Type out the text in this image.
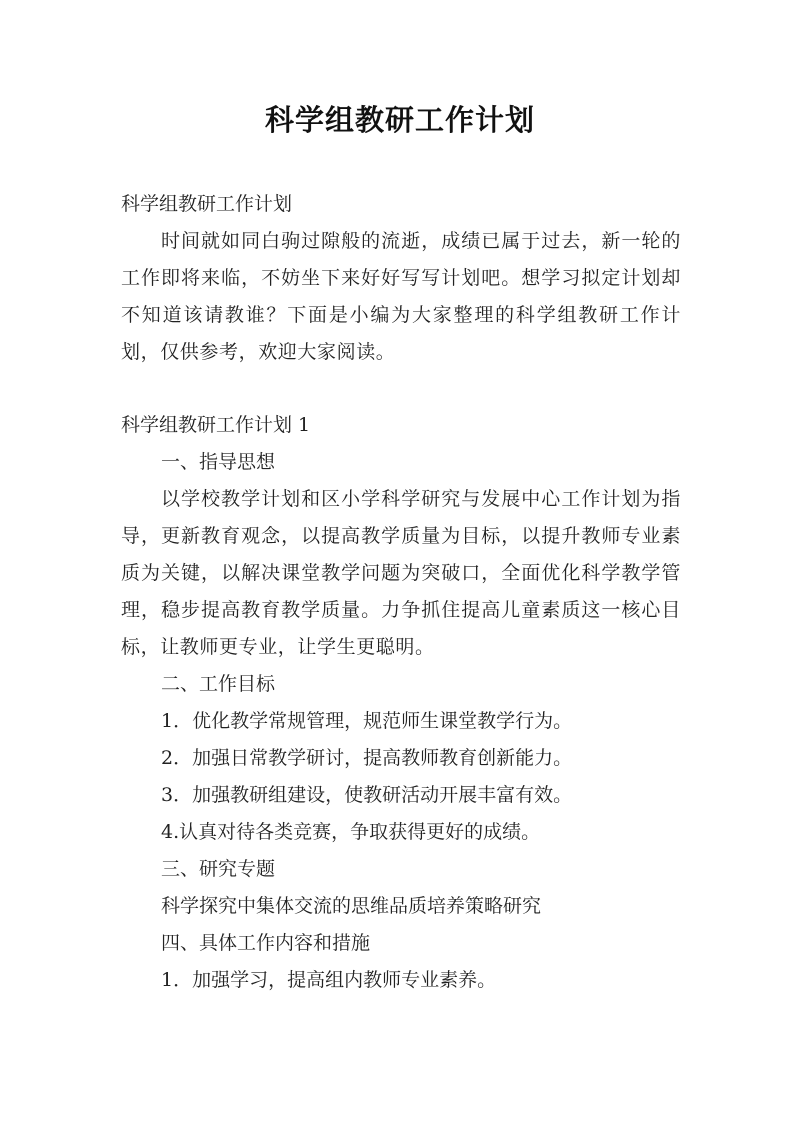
科学组教研工作计划
科学组教研工作计划
时间就如同白驹过隙般的流逝，成绩已属于过去，新一轮的工作即将来临，不妨坐下来好好写写计划吧。想学习拟定计划却不知道该请教谁？下面是小编为大家整理的科学组教研工作计划，仅供参考，欢迎大家阅读。
科学组教研工作计划 1
一、指导思想
以学校教学计划和区小学科学研究与发展中心工作计划为指导，更新教育观念，以提高教学质量为目标，以提升教师专业素质为关键，以解决课堂教学问题为突破口，全面优化科学教学管理，稳步提高教育教学质量。力争抓住提高儿童素质这一核心目标，让教师更专业，让学生更聪明。
二、工作目标
1．优化教学常规管理，规范师生课堂教学行为。
2．加强日常教学研讨，提高教师教育创新能力。
3．加强教研组建设，使教研活动开展丰富有效。
4.认真对待各类竞赛，争取获得更好的成绩。
三、研究专题
科学探究中集体交流的思维品质培养策略研究
四、具体工作内容和措施
1．加强学习，提高组内教师专业素养。
